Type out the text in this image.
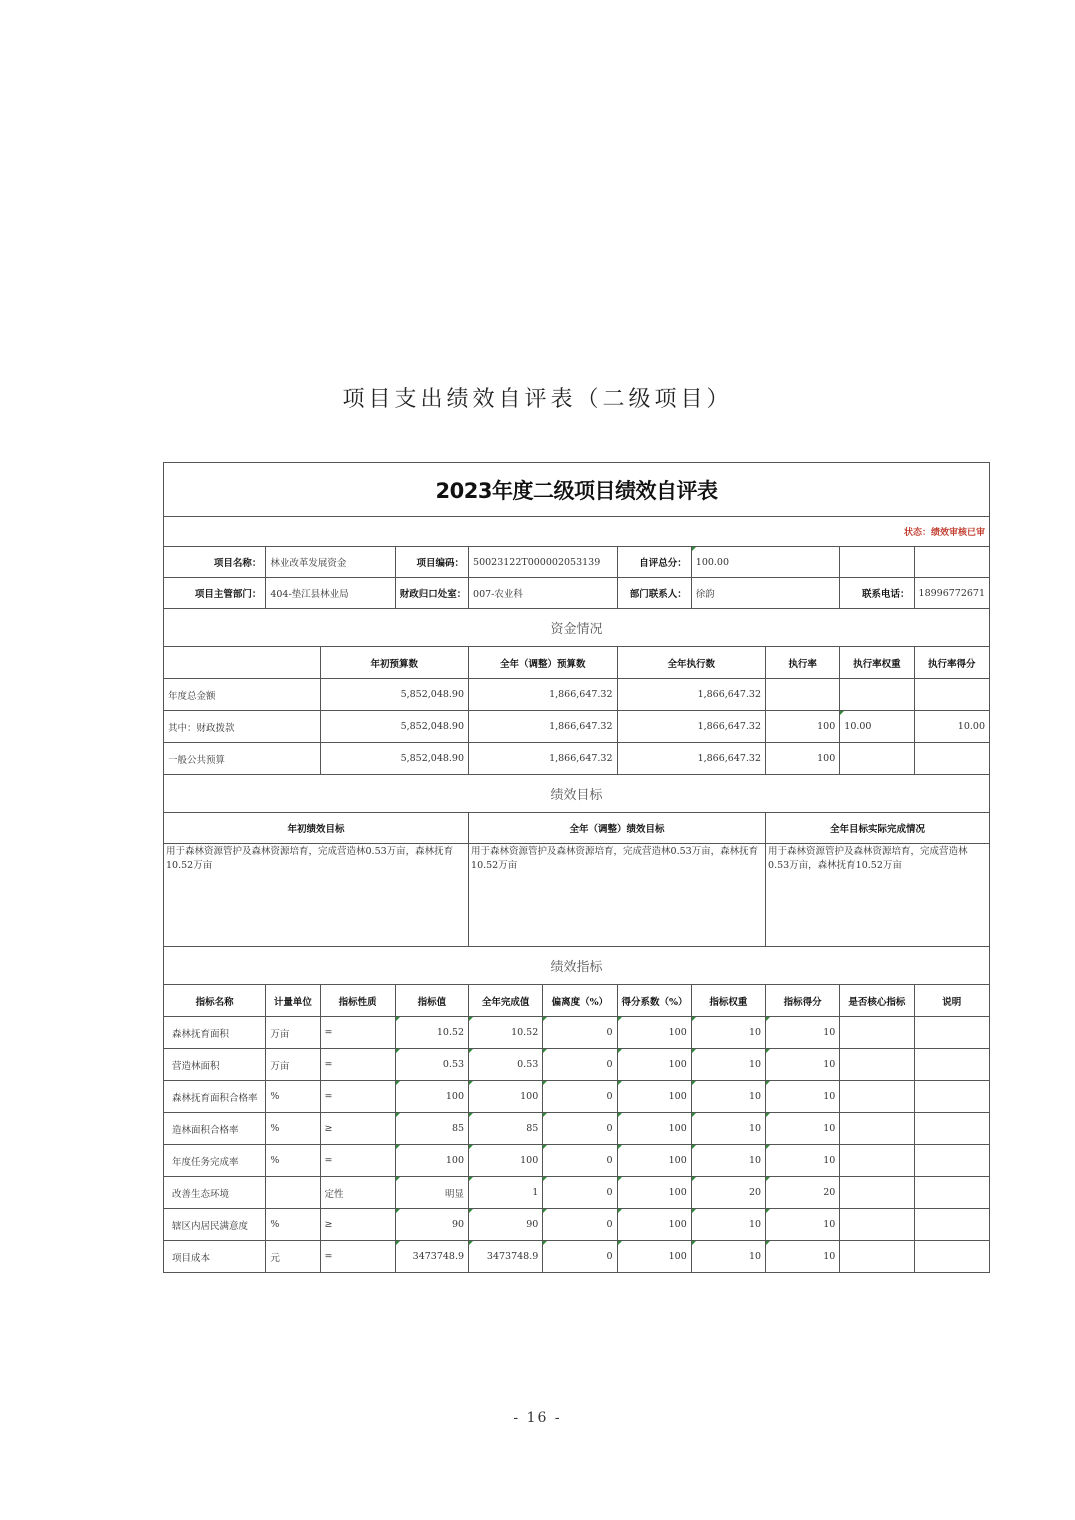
项目支出绩效自评表（二级项目）
2023年度二级项目绩效自评表										
状态：绩效审核已审										
项目名称：	林业改革发展资金		项目编码：	50023122T000002053139		自评总分：	100.00			
项目主管部门：	404-垫江县林业局		财政归口处室：	007-农业科		部门联系人：	徐韵		联系电话：	18996772671
资金情况										
		年初预算数		全年（调整）预算数		全年执行数		执行率	执行率权重	执行率得分
年度总金额		5,852,048.90		1,866,647.32		1,866,647.32				
其中：财政拨款		5,852,048.90		1,866,647.32		1,866,647.32		100	10.00	10.00
一般公共预算		5,852,048.90		1,866,647.32		1,866,647.32		100		
绩效目标										
年初绩效目标				全年（调整）绩效目标				全年目标实际完成情况		
用于森林资源管护及森林资源培育，完成营造林0.53万亩，森林抚育10.52万亩				用于森林资源管护及森林资源培育，完成营造林0.53万亩，森林抚育10.52万亩				用于森林资源管护及森林资源培育，完成营造林0.53万亩，森林抚育10.52万亩		
绩效指标										
指标名称	计量单位	指标性质	指标值	全年完成值	偏离度（%）	得分系数（%）	指标权重	指标得分	是否核心指标	说明
森林抚育面积	万亩	=	10.52	10.52	0	100	10	10		
营造林面积	万亩	=	0.53	0.53	0	100	10	10		
森林抚育面积合格率	%	=	100	100	0	100	10	10		
造林面积合格率	%	≥	85	85	0	100	10	10		
年度任务完成率	%	=	100	100	0	100	10	10		
改善生态环境		定性	明显	1	0	100	20	20		
辖区内居民满意度	%	≥	90	90	0	100	10	10		
项目成本	元	=	3473748.9	3473748.9	0	100	10	10		
- 16 -
